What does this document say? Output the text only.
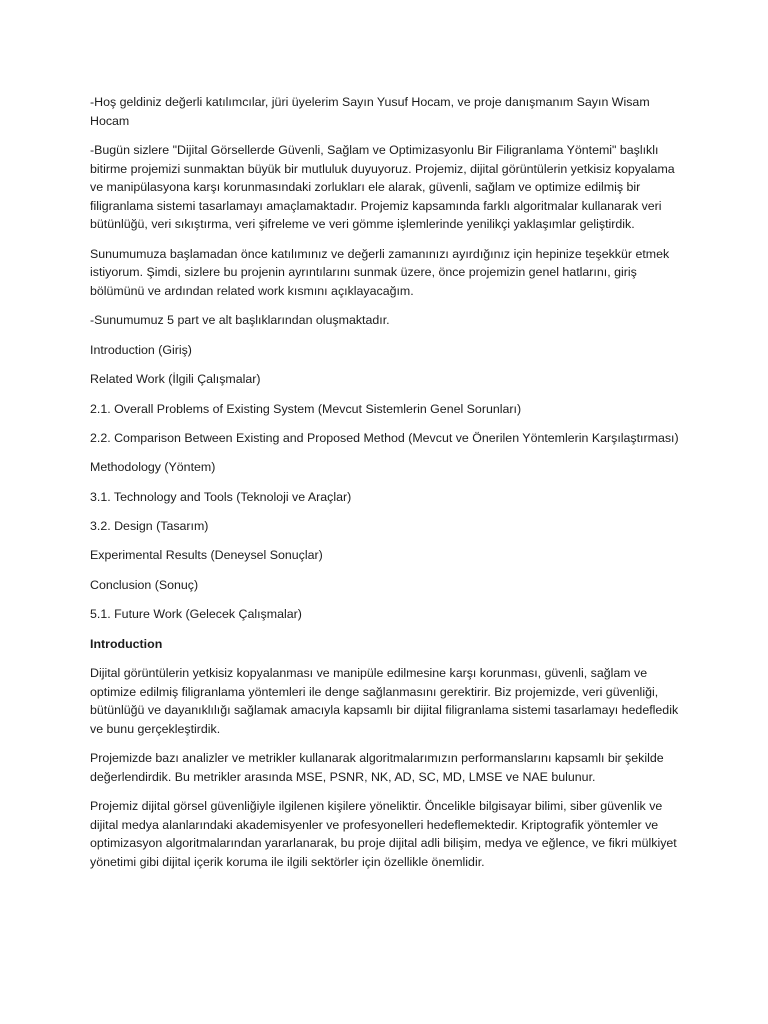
-Hoş geldiniz değerli katılımcılar, jüri üyelerim Sayın Yusuf Hocam, ve proje danışmanım Sayın Wisam Hocam

-Bugün sizlere "Dijital Görsellerde Güvenli, Sağlam ve Optimizasyonlu Bir Filigranlama Yöntemi" başlıklı bitirme projemizi sunmaktan büyük bir mutluluk duyuyoruz. Projemiz, dijital görüntülerin yetkisiz kopyalama ve manipülasyona karşı korunmasındaki zorlukları ele alarak, güvenli, sağlam ve optimize edilmiş bir filigranlama sistemi tasarlamayı amaçlamaktadır. Projemiz kapsamında farklı algoritmalar kullanarak veri bütünlüğü, veri sıkıştırma, veri şifreleme ve veri gömme işlemlerinde yenilikçi yaklaşımlar geliştirdik.

Sunumumuza başlamadan önce katılımınız ve değerli zamanınızı ayırdığınız için hepinize teşekkür etmek istiyorum. Şimdi, sizlere bu projenin ayrıntılarını sunmak üzere, önce projemizin genel hatlarını, giriş bölümünü ve ardından related work kısmını açıklayacağım.

-Sunumumuz 5 part ve alt başlıklarından oluşmaktadır.

Introduction (Giriş)

Related Work (İlgili Çalışmalar)

2.1. Overall Problems of Existing System (Mevcut Sistemlerin Genel Sorunları)

2.2. Comparison Between Existing and Proposed Method (Mevcut ve Önerilen Yöntemlerin Karşılaştırması)

Methodology (Yöntem)

3.1. Technology and Tools (Teknoloji ve Araçlar)

3.2. Design (Tasarım)

Experimental Results (Deneysel Sonuçlar)

Conclusion (Sonuç)

5.1. Future Work (Gelecek Çalışmalar)

Introduction

Dijital görüntülerin yetkisiz kopyalanması ve manipüle edilmesine karşı korunması, güvenli, sağlam ve optimize edilmiş filigranlama yöntemleri ile denge sağlanmasını gerektirir. Biz projemizde, veri güvenliği, bütünlüğü ve dayanıklılığı sağlamak amacıyla kapsamlı bir dijital filigranlama sistemi tasarlamayı hedefledik ve bunu gerçekleştirdik.

Projemizde bazı analizler ve metrikler kullanarak algoritmalarımızın performanslarını kapsamlı bir şekilde değerlendirdik. Bu metrikler arasında MSE, PSNR, NK, AD, SC, MD, LMSE ve NAE bulunur.

Projemiz dijital görsel güvenliğiyle ilgilenen kişilere yöneliktir. Öncelikle bilgisayar bilimi, siber güvenlik ve dijital medya alanlarındaki akademisyenler ve profesyonelleri hedeflemektedir. Kriptografik yöntemler ve optimizasyon algoritmalarından yararlanarak, bu proje dijital adli bilişim, medya ve eğlence, ve fikri mülkiyet yönetimi gibi dijital içerik koruma ile ilgili sektörler için özellikle önemlidir.
